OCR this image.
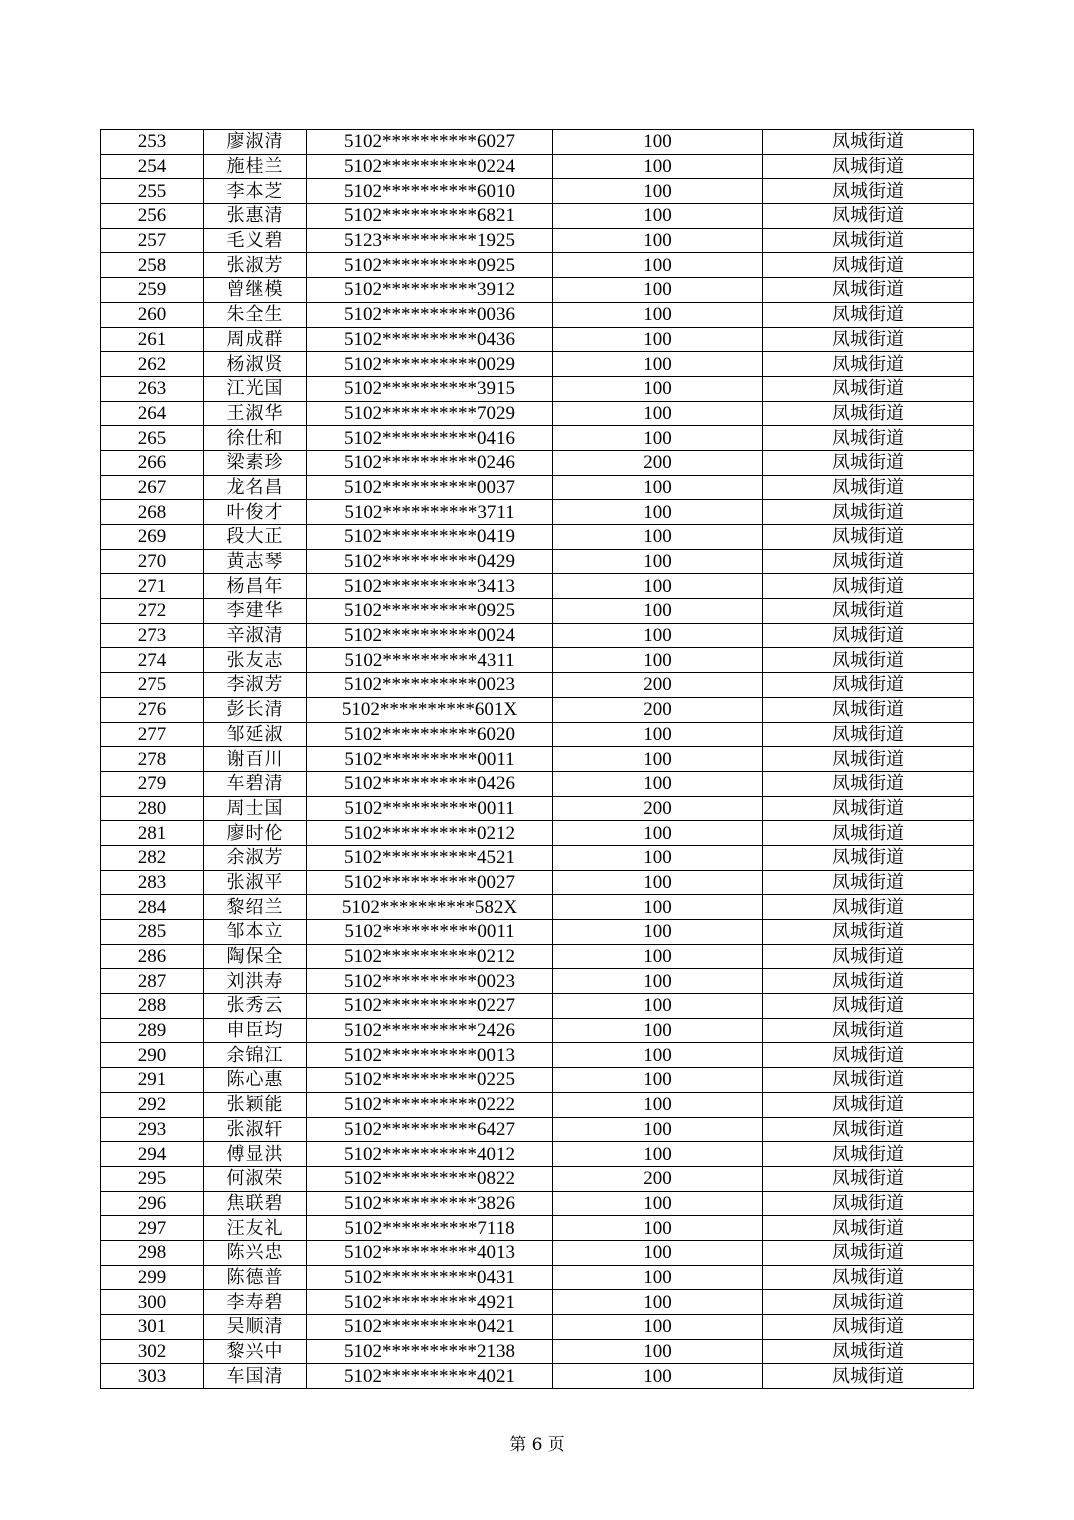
253	廖淑清	5102**********6027	100	凤城街道
254	施桂兰	5102**********0224	100	凤城街道
255	李本芝	5102**********6010	100	凤城街道
256	张惠清	5102**********6821	100	凤城街道
257	毛义碧	5123**********1925	100	凤城街道
258	张淑芳	5102**********0925	100	凤城街道
259	曾继模	5102**********3912	100	凤城街道
260	朱全生	5102**********0036	100	凤城街道
261	周成群	5102**********0436	100	凤城街道
262	杨淑贤	5102**********0029	100	凤城街道
263	江光国	5102**********3915	100	凤城街道
264	王淑华	5102**********7029	100	凤城街道
265	徐仕和	5102**********0416	100	凤城街道
266	梁素珍	5102**********0246	200	凤城街道
267	龙名昌	5102**********0037	100	凤城街道
268	叶俊才	5102**********3711	100	凤城街道
269	段大正	5102**********0419	100	凤城街道
270	黄志琴	5102**********0429	100	凤城街道
271	杨昌年	5102**********3413	100	凤城街道
272	李建华	5102**********0925	100	凤城街道
273	辛淑清	5102**********0024	100	凤城街道
274	张友志	5102**********4311	100	凤城街道
275	李淑芳	5102**********0023	200	凤城街道
276	彭长清	5102**********601X	200	凤城街道
277	邹延淑	5102**********6020	100	凤城街道
278	谢百川	5102**********0011	100	凤城街道
279	车碧清	5102**********0426	100	凤城街道
280	周士国	5102**********0011	200	凤城街道
281	廖时伦	5102**********0212	100	凤城街道
282	余淑芳	5102**********4521	100	凤城街道
283	张淑平	5102**********0027	100	凤城街道
284	黎绍兰	5102**********582X	100	凤城街道
285	邹本立	5102**********0011	100	凤城街道
286	陶保全	5102**********0212	100	凤城街道
287	刘洪寿	5102**********0023	100	凤城街道
288	张秀云	5102**********0227	100	凤城街道
289	申臣均	5102**********2426	100	凤城街道
290	余锦江	5102**********0013	100	凤城街道
291	陈心惠	5102**********0225	100	凤城街道
292	张颖能	5102**********0222	100	凤城街道
293	张淑轩	5102**********6427	100	凤城街道
294	傅显洪	5102**********4012	100	凤城街道
295	何淑荣	5102**********0822	200	凤城街道
296	焦联碧	5102**********3826	100	凤城街道
297	汪友礼	5102**********7118	100	凤城街道
298	陈兴忠	5102**********4013	100	凤城街道
299	陈德普	5102**********0431	100	凤城街道
300	李寿碧	5102**********4921	100	凤城街道
301	吴顺清	5102**********0421	100	凤城街道
302	黎兴中	5102**********2138	100	凤城街道
303	车国清	5102**********4021	100	凤城街道
第 6 页
